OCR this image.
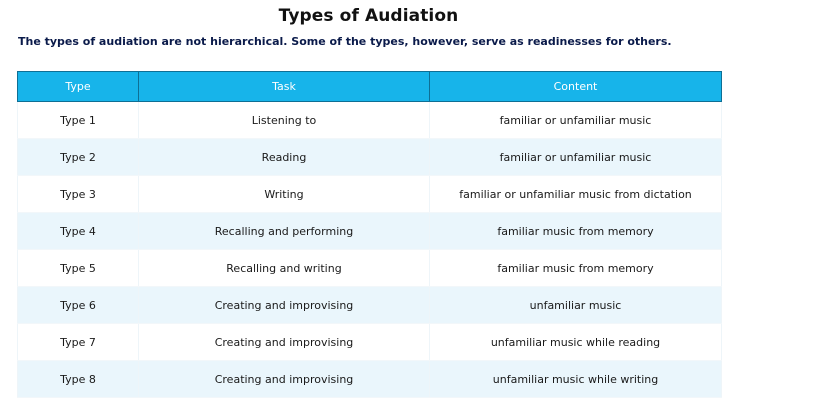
Types of Audiation
The types of audiation are not hierarchical. Some of the types, however, serve as readinesses for others.
Type	Task	Content
Type 1	Listening to	familiar or unfamiliar music
Type 2	Reading	familiar or unfamiliar music
Type 3	Writing	familiar or unfamiliar music from dictation
Type 4	Recalling and performing	familiar music from memory
Type 5	Recalling and writing	familiar music from memory
Type 6	Creating and improvising	unfamiliar music
Type 7	Creating and improvising	unfamiliar music while reading
Type 8	Creating and improvising	unfamiliar music while writing
